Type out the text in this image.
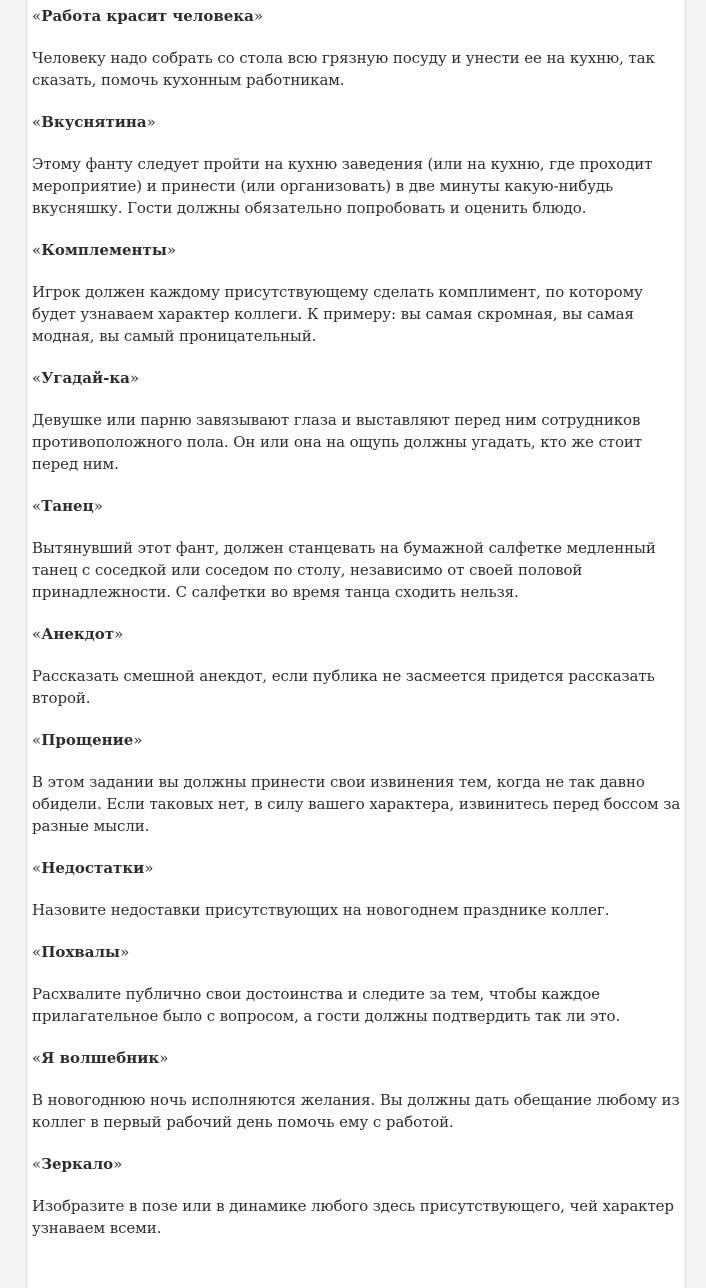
«Работа красит человека»

Человеку надо собрать со стола всю грязную посуду и унести ее на кухню, так сказать, помочь кухонным работникам.

«Вкуснятина»

Этому фанту следует пройти на кухню заведения (или на кухню, где проходит мероприятие) и принести (или организовать) в две минуты какую-нибудь вкусняшку. Гости должны обязательно попробовать и оценить блюдо.

«Комплементы»

Игрок должен каждому присутствующему сделать комплимент, по которому будет узнаваем характер коллеги. К примеру: вы самая скромная, вы самая модная, вы самый проницательный.

«Угадай-ка»

Девушке или парню завязывают глаза и выставляют перед ним сотрудников противоположного пола. Он или она на ощупь должны угадать, кто же стоит перед ним.

«Танец»

Вытянувший этот фант, должен станцевать на бумажной салфетке медленный танец с соседкой или соседом по столу, независимо от своей половой принадлежности. С салфетки во время танца сходить нельзя.

«Анекдот»

Рассказать смешной анекдот, если публика не засмеется придется рассказать второй.

«Прощение»

В этом задании вы должны принести свои извинения тем, когда не так давно обидели. Если таковых нет, в силу вашего характера, извинитесь перед боссом за разные мысли.

«Недостатки»

Назовите недоставки присутствующих на новогоднем празднике коллег.

«Похвалы»

Расхвалите публично свои достоинства и следите за тем, чтобы каждое прилагательное было с вопросом, а гости должны подтвердить так ли это.

«Я волшебник»

В новогоднюю ночь исполняются желания. Вы должны дать обещание любому из коллег в первый рабочий день помочь ему с работой.

«Зеркало»

Изобразите в позе или в динамике любого здесь присутствующего, чей характер узнаваем всеми.
